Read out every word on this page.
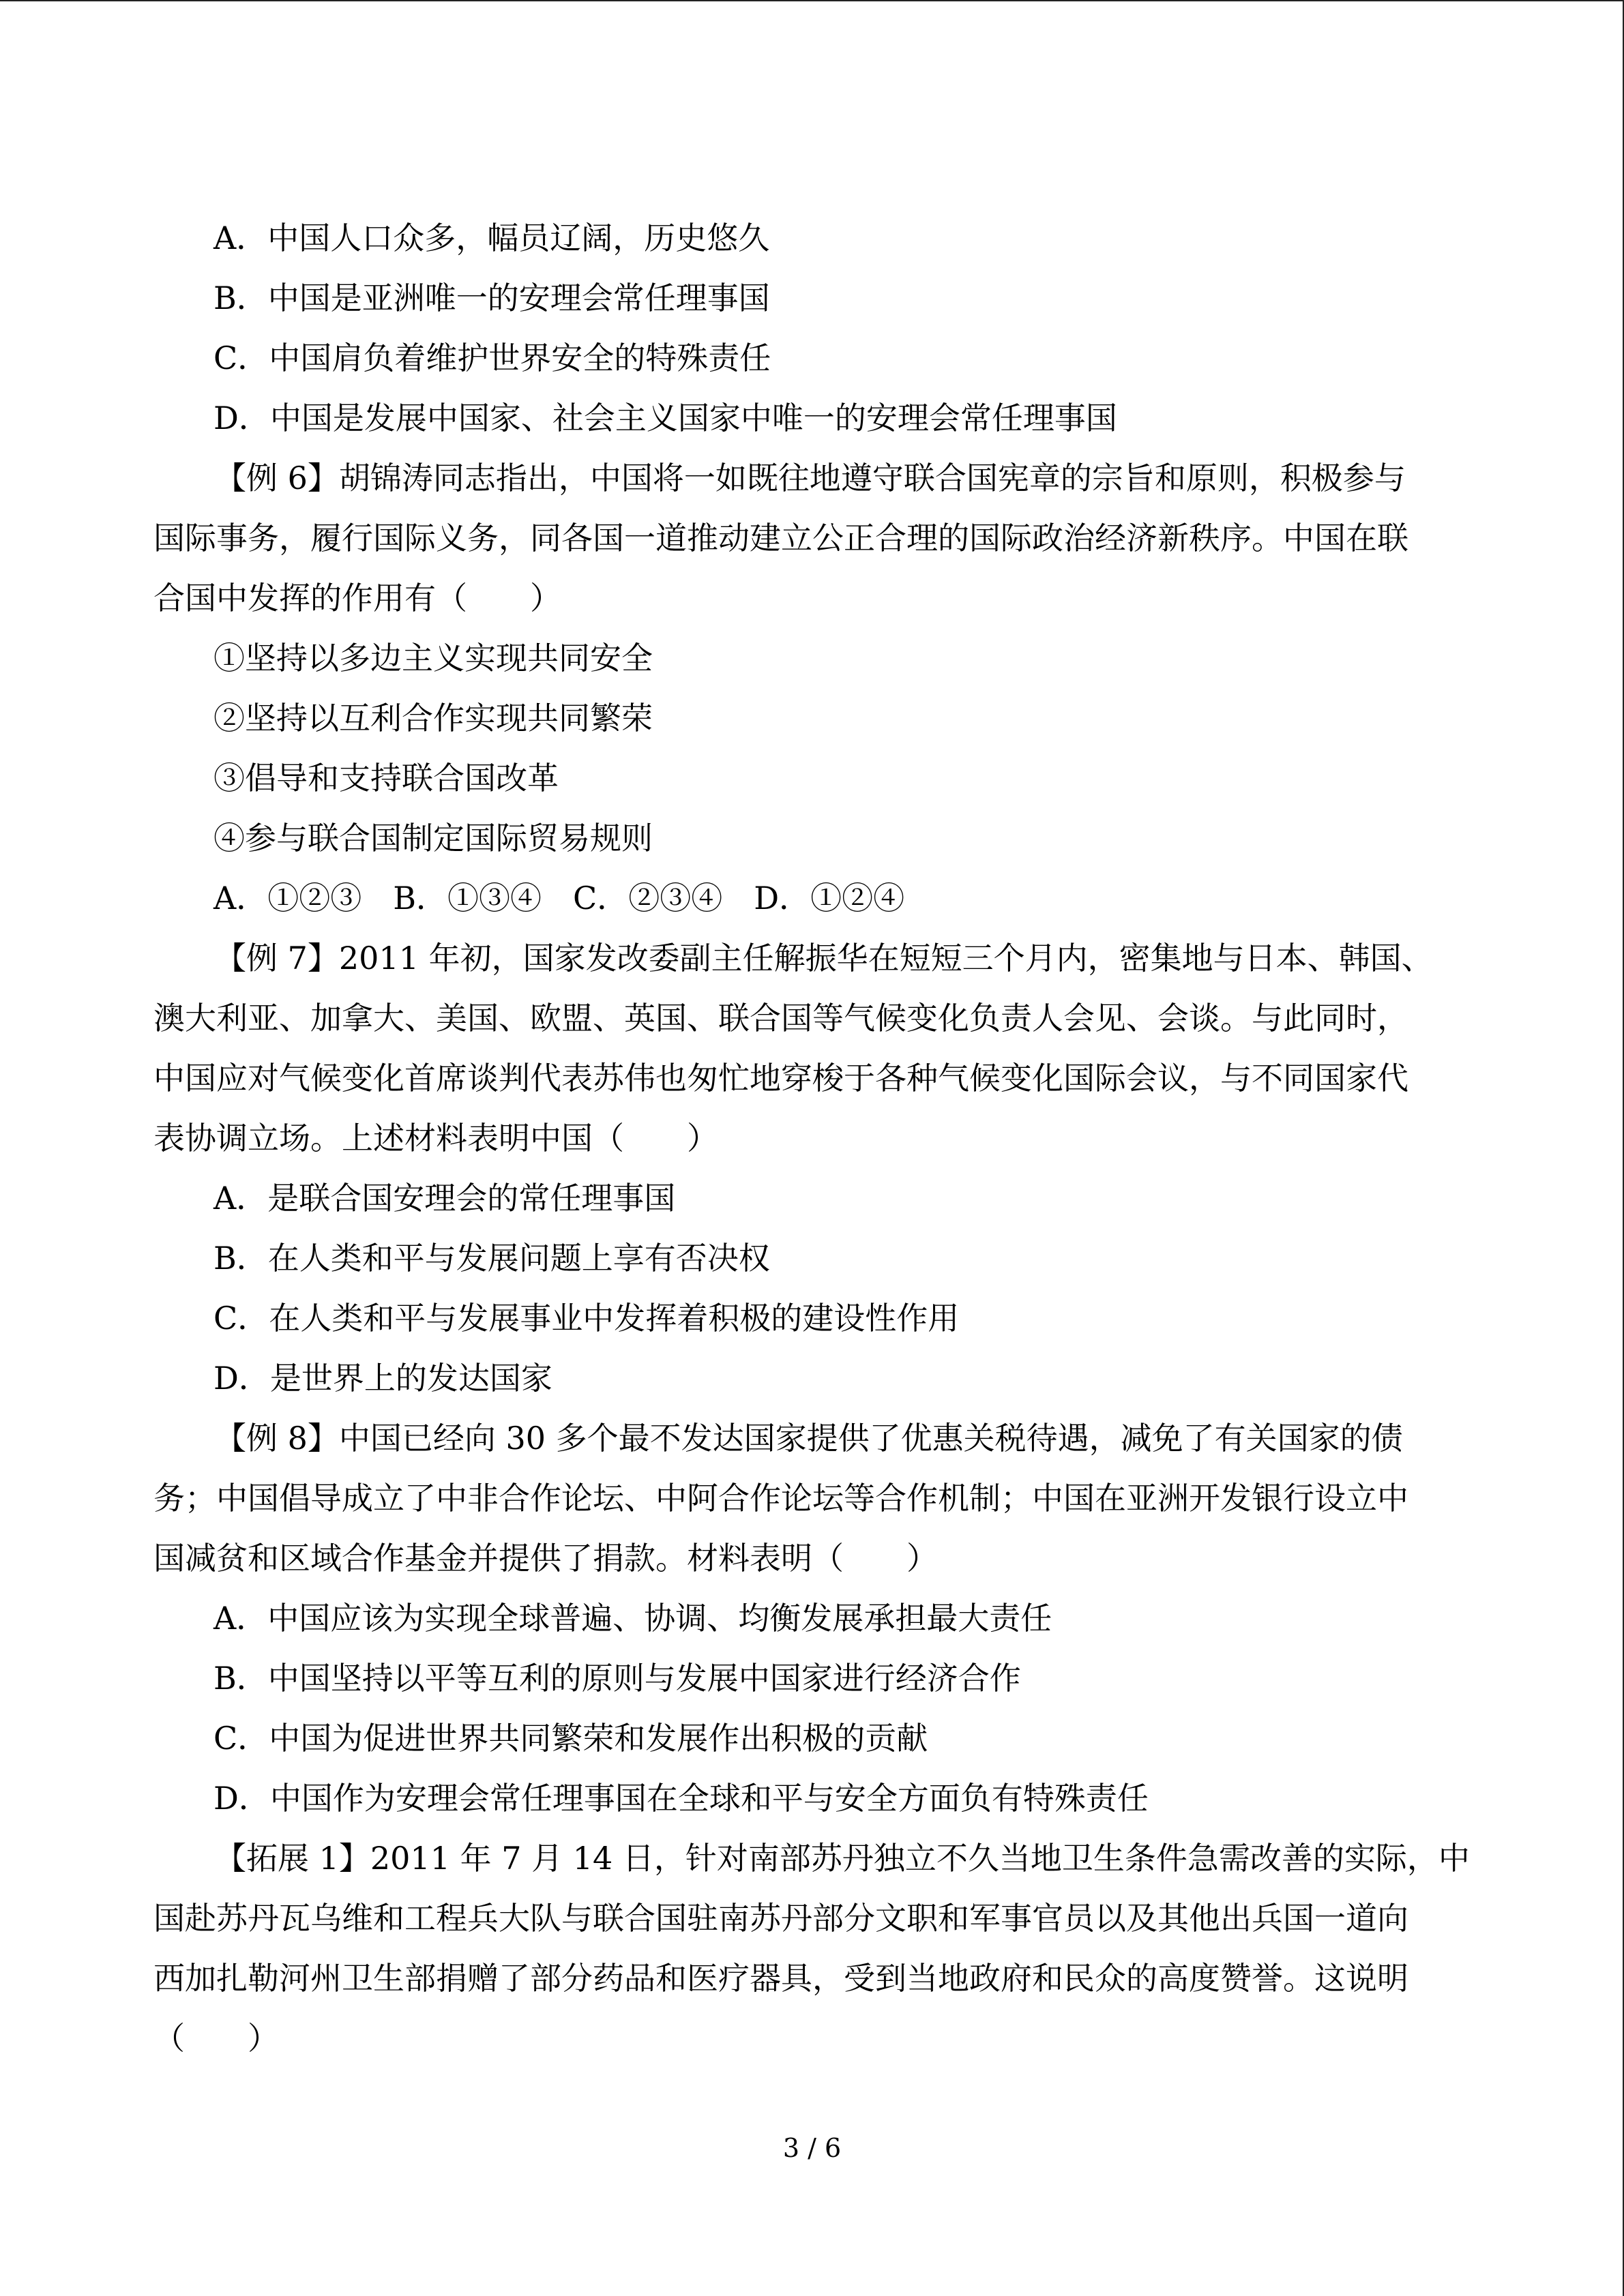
A．中国人口众多，幅员辽阔，历史悠久
B．中国是亚洲唯一的安理会常任理事国
C．中国肩负着维护世界安全的特殊责任
D．中国是发展中国家、社会主义国家中唯一的安理会常任理事国
【例 6】胡锦涛同志指出，中国将一如既往地遵守联合国宪章的宗旨和原则，积极参与
国际事务，履行国际义务，同各国一道推动建立公正合理的国际政治经济新秩序。中国在联
合国中发挥的作用有（　　）
①坚持以多边主义实现共同安全
②坚持以互利合作实现共同繁荣
③倡导和支持联合国改革
④参与联合国制定国际贸易规则
A．①②③　B．①③④　C．②③④　D．①②④
【例 7】2011 年初，国家发改委副主任解振华在短短三个月内，密集地与日本、韩国、
澳大利亚、加拿大、美国、欧盟、英国、联合国等气候变化负责人会见、会谈。与此同时，
中国应对气候变化首席谈判代表苏伟也匆忙地穿梭于各种气候变化国际会议，与不同国家代
表协调立场。上述材料表明中国（　　）
A．是联合国安理会的常任理事国
B．在人类和平与发展问题上享有否决权
C．在人类和平与发展事业中发挥着积极的建设性作用
D．是世界上的发达国家
【例 8】中国已经向 30 多个最不发达国家提供了优惠关税待遇，减免了有关国家的债
务；中国倡导成立了中非合作论坛、中阿合作论坛等合作机制；中国在亚洲开发银行设立中
国减贫和区域合作基金并提供了捐款。材料表明（　　）
A．中国应该为实现全球普遍、协调、均衡发展承担最大责任
B．中国坚持以平等互利的原则与发展中国家进行经济合作
C．中国为促进世界共同繁荣和发展作出积极的贡献
D．中国作为安理会常任理事国在全球和平与安全方面负有特殊责任
【拓展 1】2011 年 7 月 14 日，针对南部苏丹独立不久当地卫生条件急需改善的实际，中
国赴苏丹瓦乌维和工程兵大队与联合国驻南苏丹部分文职和军事官员以及其他出兵国一道向
西加扎勒河州卫生部捐赠了部分药品和医疗器具，受到当地政府和民众的高度赞誉。这说明
（　　）
3 / 6
